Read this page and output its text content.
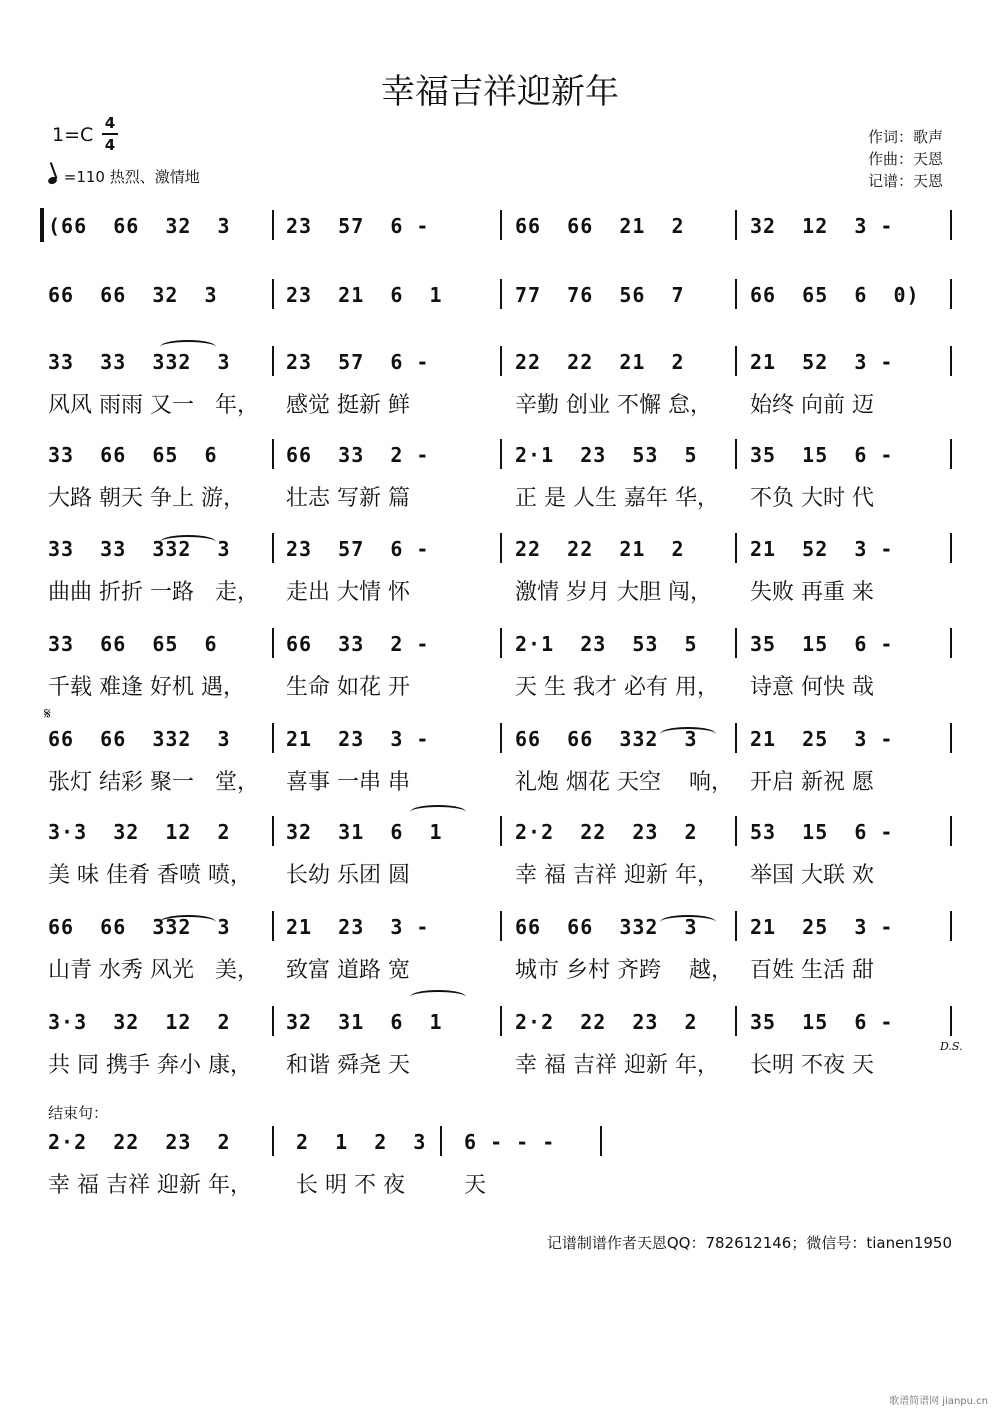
幸福吉祥迎新年
1=C
4
4
=110 热烈、激情地
作词：歌声
作曲：天恩
记谱：天恩
(66  66  32  3	23  57  6 -	66  66  21  2	32  12  3 -
66  66  32  3	23  21  6  1	77  76  56  7	66  65  6  0)
33  33  332  3	23  57  6 -	22  22  21  2	21  52  3 -
风风 雨雨 又一   年， 感觉 挺新 鲜	辛勤 创业 不懈 怠， 始终 向前 迈
33  66  65  6	66  33  2 -	2·1  23  53  5	35  15  6 -
大路 朝天 争上 游， 壮志 写新 篇	正 是 人生 嘉年 华， 不负 大时 代
33  33  332  3	23  57  6 -	22  22  21  2	21  52  3 -
曲曲 折折 一路   走， 走出 大情 怀	激情 岁月 大胆 闯， 失败 再重 来
33  66  65  6	66  33  2 -	2·1  23  53  5	35  15  6 -
千载 难逢 好机 遇， 生命 如花 开	天 生 我才 必有 用， 诗意 何快 哉
66  66  332  3	21  23  3 -	66  66  332  3	21  25  3 -
张灯 结彩 聚一   堂， 喜事 一串 串	礼炮 烟花 天空    响， 开启 新祝 愿
3·3  32  12  2	32  31  6  1	2·2  22  23  2	53  15  6 -
美 味 佳肴 香喷 喷， 长幼 乐团 圆	幸 福 吉祥 迎新 年， 举国 大联 欢
66  66  332  3	21  23  3 -	66  66  332  3	21  25  3 -
山青 水秀 风光   美， 致富 道路 宽	城市 乡村 齐跨    越， 百姓 生活 甜
3·3  32  12  2	32  31  6  1	2·2  22  23  2	35  15  6 -
共 同 携手 奔小 康， 和谐 舜尧 天	幸 福 吉祥 迎新 年， 长明 不夜 天
2·2  22  23  2	2  1  2  3 6 - - -
幸 福 吉祥 迎新 年， 长 明 不 夜	天
𝄋
D.S.
结束句：
记谱制谱作者天恩QQ：782612146；微信号：tianen1950
歌谱简谱网 jianpu.cn
